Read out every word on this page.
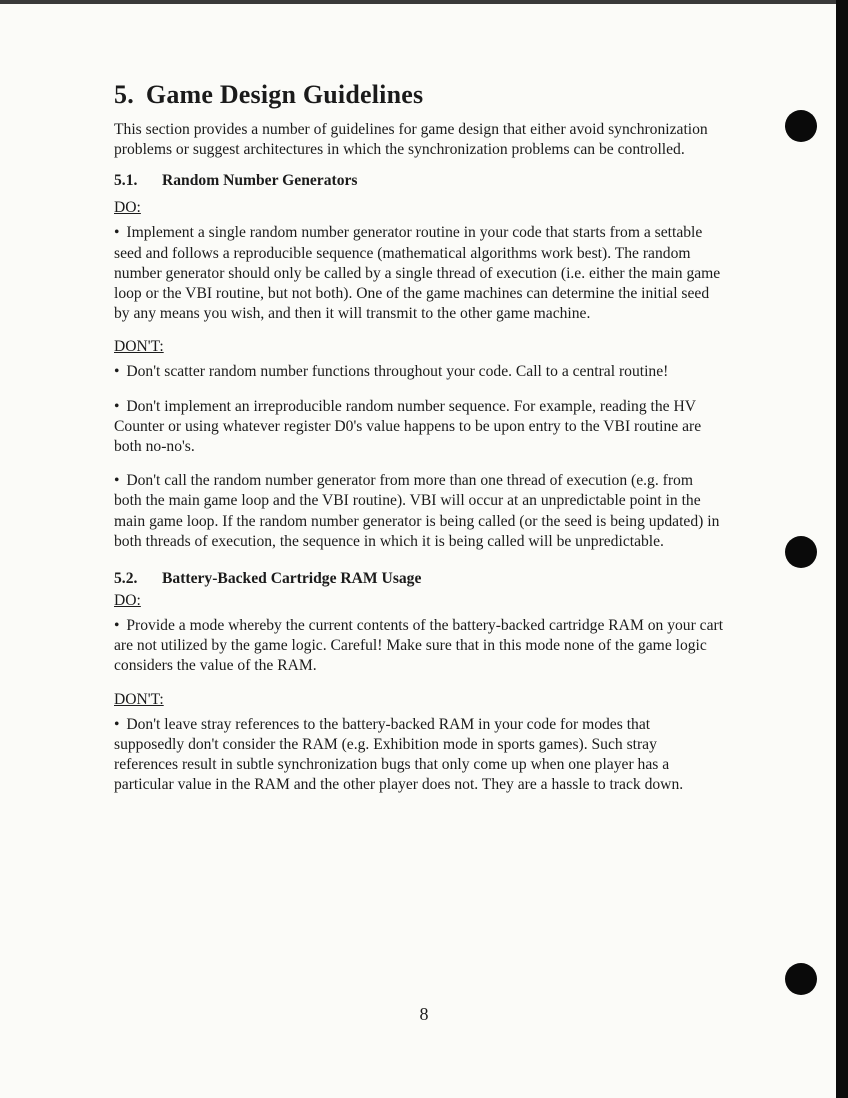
5. Game Design Guidelines

This section provides a number of guidelines for game design that either avoid synchronization problems or suggest architectures in which the synchronization problems can be controlled.

5.1. Random Number Generators
DO:

• Implement a single random number generator routine in your code that starts from a settable seed and follows a reproducible sequence (mathematical algorithms work best). The random number generator should only be called by a single thread of execution (i.e. either the main game loop or the VBI routine, but not both). One of the game machines can determine the initial seed by any means you wish, and then it will transmit to the other game machine.

DON'T:

• Don't scatter random number functions throughout your code. Call to a central routine!

• Don't implement an irreproducible random number sequence. For example, reading the HV Counter or using whatever register D0's value happens to be upon entry to the VBI routine are both no-no's.

• Don't call the random number generator from more than one thread of execution (e.g. from both the main game loop and the VBI routine). VBI will occur at an unpredictable point in the main game loop. If the random number generator is being called (or the seed is being updated) in both threads of execution, the sequence in which it is being called will be unpredictable.

5.2. Battery-Backed Cartridge RAM Usage
DO:

• Provide a mode whereby the current contents of the battery-backed cartridge RAM on your cart are not utilized by the game logic. Careful! Make sure that in this mode none of the game logic considers the value of the RAM.

DON'T:

• Don't leave stray references to the battery-backed RAM in your code for modes that supposedly don't consider the RAM (e.g. Exhibition mode in sports games). Such stray references result in subtle synchronization bugs that only come up when one player has a particular value in the RAM and the other player does not. They are a hassle to track down.

8
